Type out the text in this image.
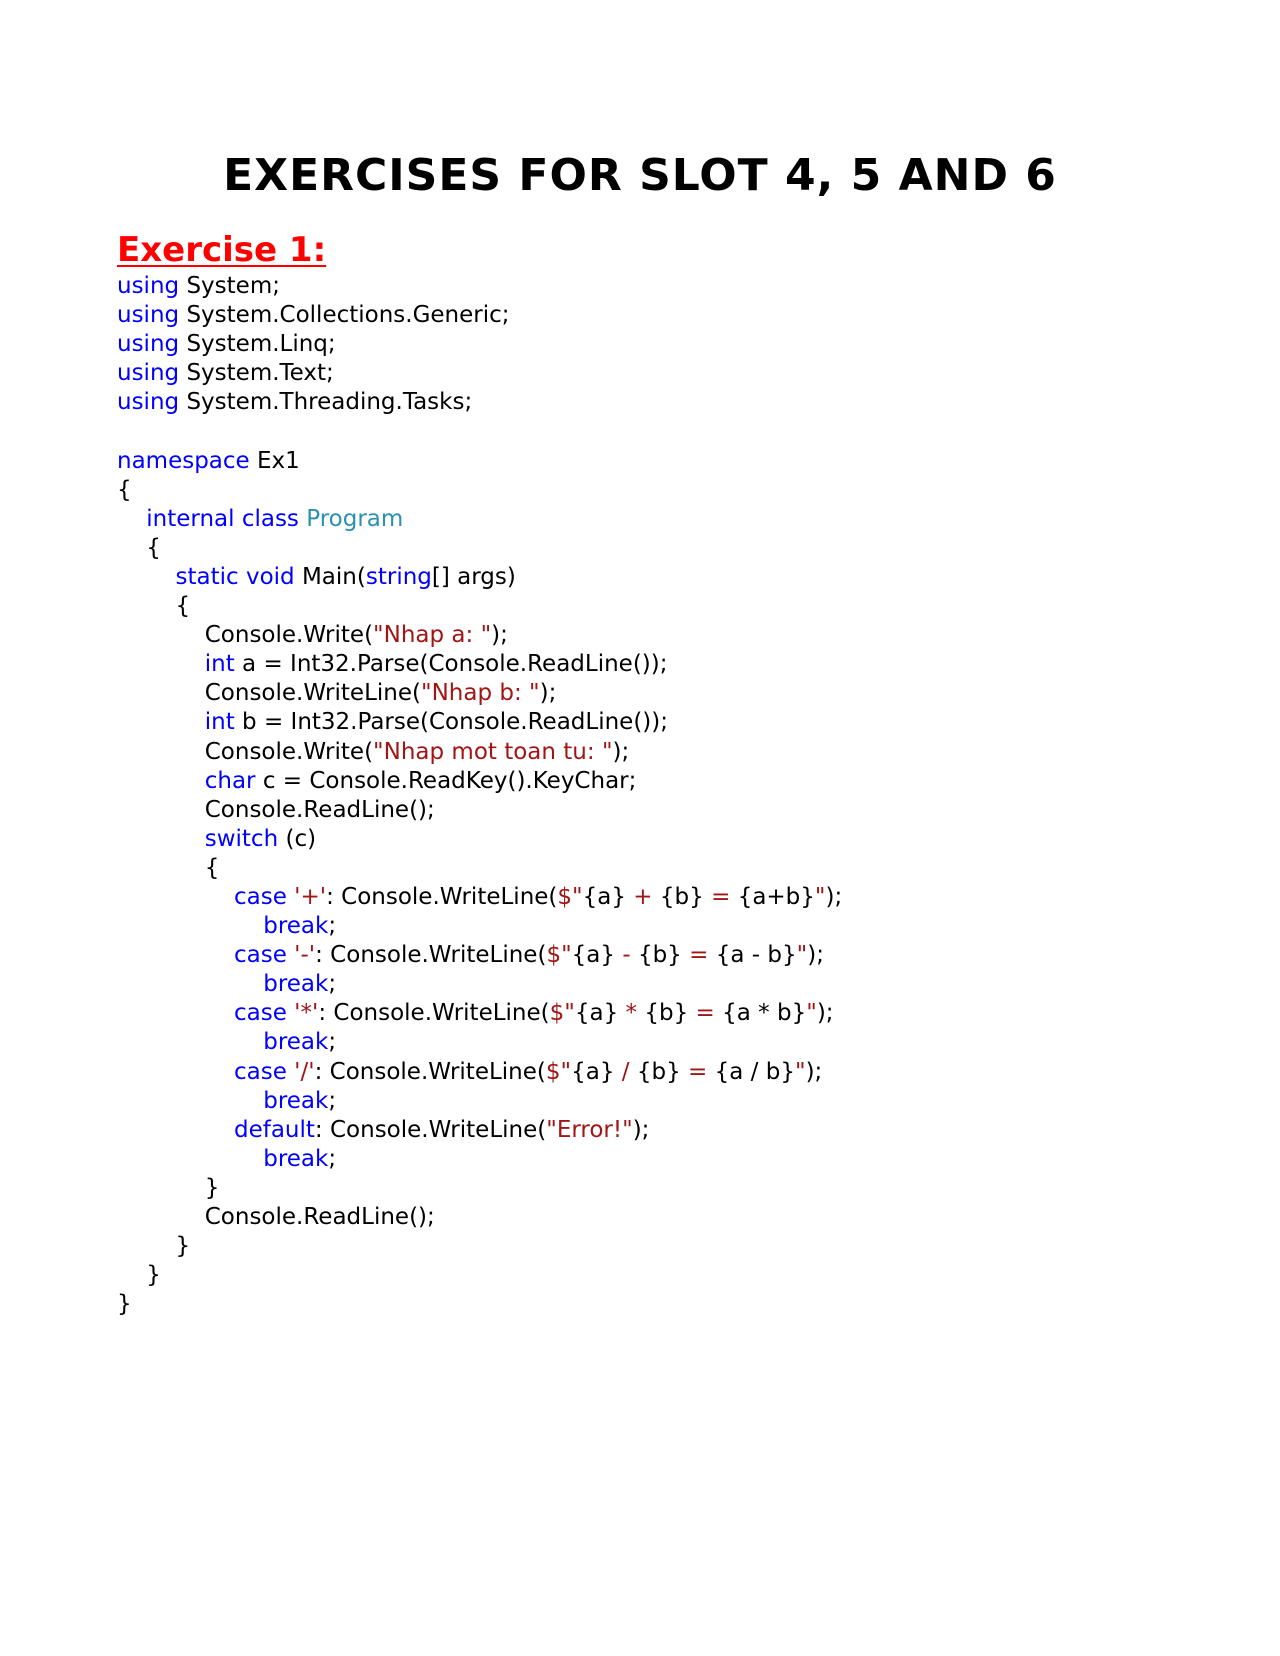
EXERCISES FOR SLOT 4, 5 AND 6
Exercise 1:
using System;
using System.Collections.Generic;
using System.Linq;
using System.Text;
using System.Threading.Tasks;
namespace Ex1
{
internal class Program
{
static void Main(string[] args)
{
Console.Write("Nhap a: ");
int a = Int32.Parse(Console.ReadLine());
Console.WriteLine("Nhap b: ");
int b = Int32.Parse(Console.ReadLine());
Console.Write("Nhap mot toan tu: ");
char c = Console.ReadKey().KeyChar;
Console.ReadLine();
switch (c)
{
case '+': Console.WriteLine($"{a} + {b} = {a+b}");
break;
case '-': Console.WriteLine($"{a} - {b} = {a - b}");
break;
case '*': Console.WriteLine($"{a} * {b} = {a * b}");
break;
case '/': Console.WriteLine($"{a} / {b} = {a / b}");
break;
default: Console.WriteLine("Error!");
break;
}
Console.ReadLine();
}
}
}
